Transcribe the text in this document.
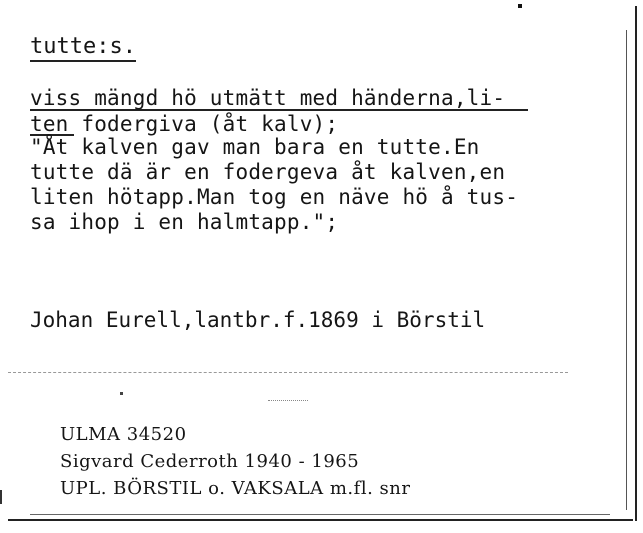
tutte:s.
viss mängd hö utmätt med händerna,li-
ten fodergiva (åt kalv);
"Åt kalven gav man bara en tutte.En
tutte dä är en fodergeva åt kalven,en
liten hötapp.Man tog en näve hö å tus-
sa ihop i en halmtapp.";
Johan Eurell,lantbr.f.1869 i Börstil
ULMA 34520
Sigvard Cederroth 1940 - 1965
UPL. BÖRSTIL o. VAKSALA m.fl. snr
